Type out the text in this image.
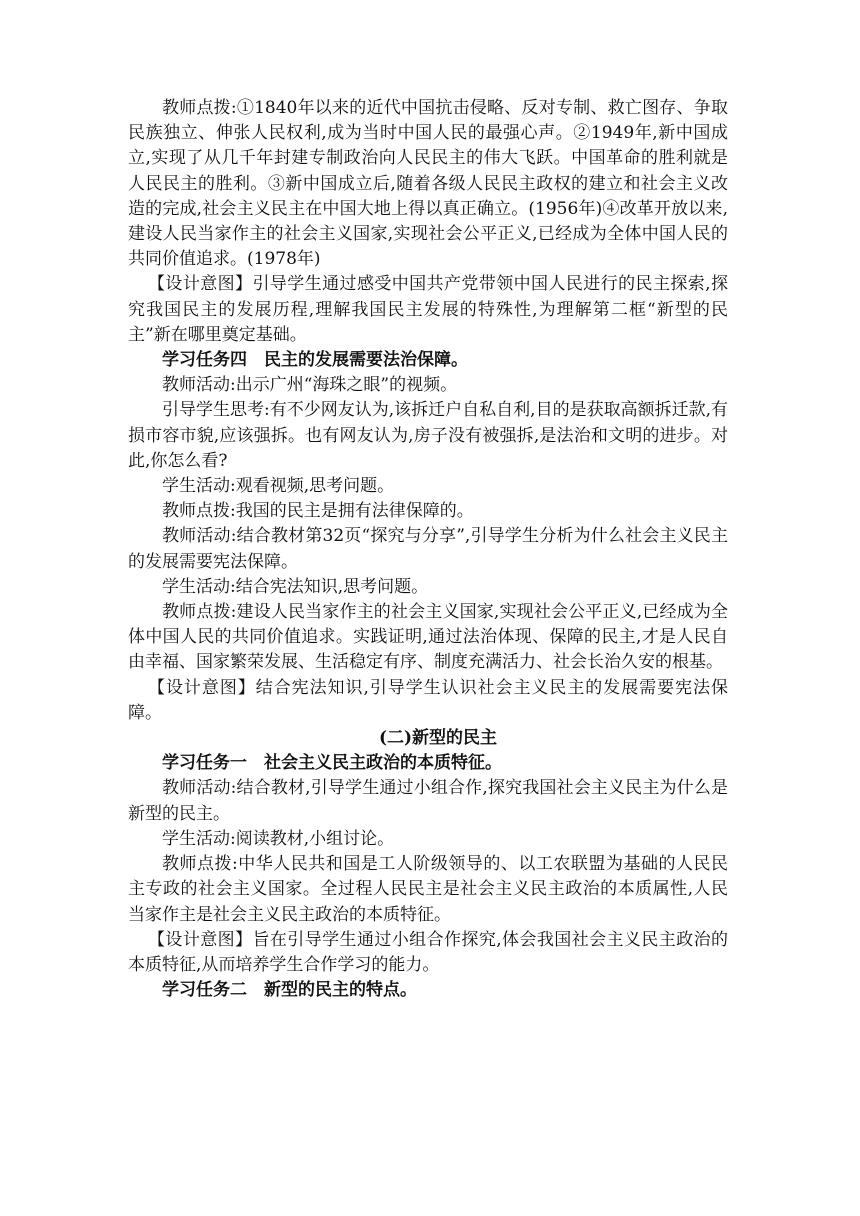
教师点拨:①1840年以来的近代中国抗击侵略、反对专制、救亡图存、争取民族独立、伸张人民权利,成为当时中国人民的最强心声。②1949年,新中国成立,实现了从几千年封建专制政治向人民民主的伟大飞跃。中国革命的胜利就是人民民主的胜利。③新中国成立后,随着各级人民民主政权的建立和社会主义改造的完成,社会主义民主在中国大地上得以真正确立。(1956年)④改革开放以来,建设人民当家作主的社会主义国家,实现社会公平正义,已经成为全体中国人民的共同价值追求。(1978年)

【设计意图】引导学生通过感受中国共产党带领中国人民进行的民主探索,探究我国民主的发展历程,理解我国民主发展的特殊性,为理解第二框“新型的民主”新在哪里奠定基础。

学习任务四　民主的发展需要法治保障。

教师活动:出示广州“海珠之眼”的视频。

引导学生思考:有不少网友认为,该拆迁户自私自利,目的是获取高额拆迁款,有损市容市貌,应该强拆。也有网友认为,房子没有被强拆,是法治和文明的进步。对此,你怎么看?

学生活动:观看视频,思考问题。

教师点拨:我国的民主是拥有法律保障的。

教师活动:结合教材第32页“探究与分享”,引导学生分析为什么社会主义民主的发展需要宪法保障。

学生活动:结合宪法知识,思考问题。

教师点拨:建设人民当家作主的社会主义国家,实现社会公平正义,已经成为全体中国人民的共同价值追求。实践证明,通过法治体现、保障的民主,才是人民自由幸福、国家繁荣发展、生活稳定有序、制度充满活力、社会长治久安的根基。

【设计意图】结合宪法知识,引导学生认识社会主义民主的发展需要宪法保障。

(二)新型的民主

学习任务一　社会主义民主政治的本质特征。

教师活动:结合教材,引导学生通过小组合作,探究我国社会主义民主为什么是新型的民主。

学生活动:阅读教材,小组讨论。

教师点拨:中华人民共和国是工人阶级领导的、以工农联盟为基础的人民民主专政的社会主义国家。全过程人民民主是社会主义民主政治的本质属性,人民当家作主是社会主义民主政治的本质特征。

【设计意图】旨在引导学生通过小组合作探究,体会我国社会主义民主政治的本质特征,从而培养学生合作学习的能力。

学习任务二　新型的民主的特点。
